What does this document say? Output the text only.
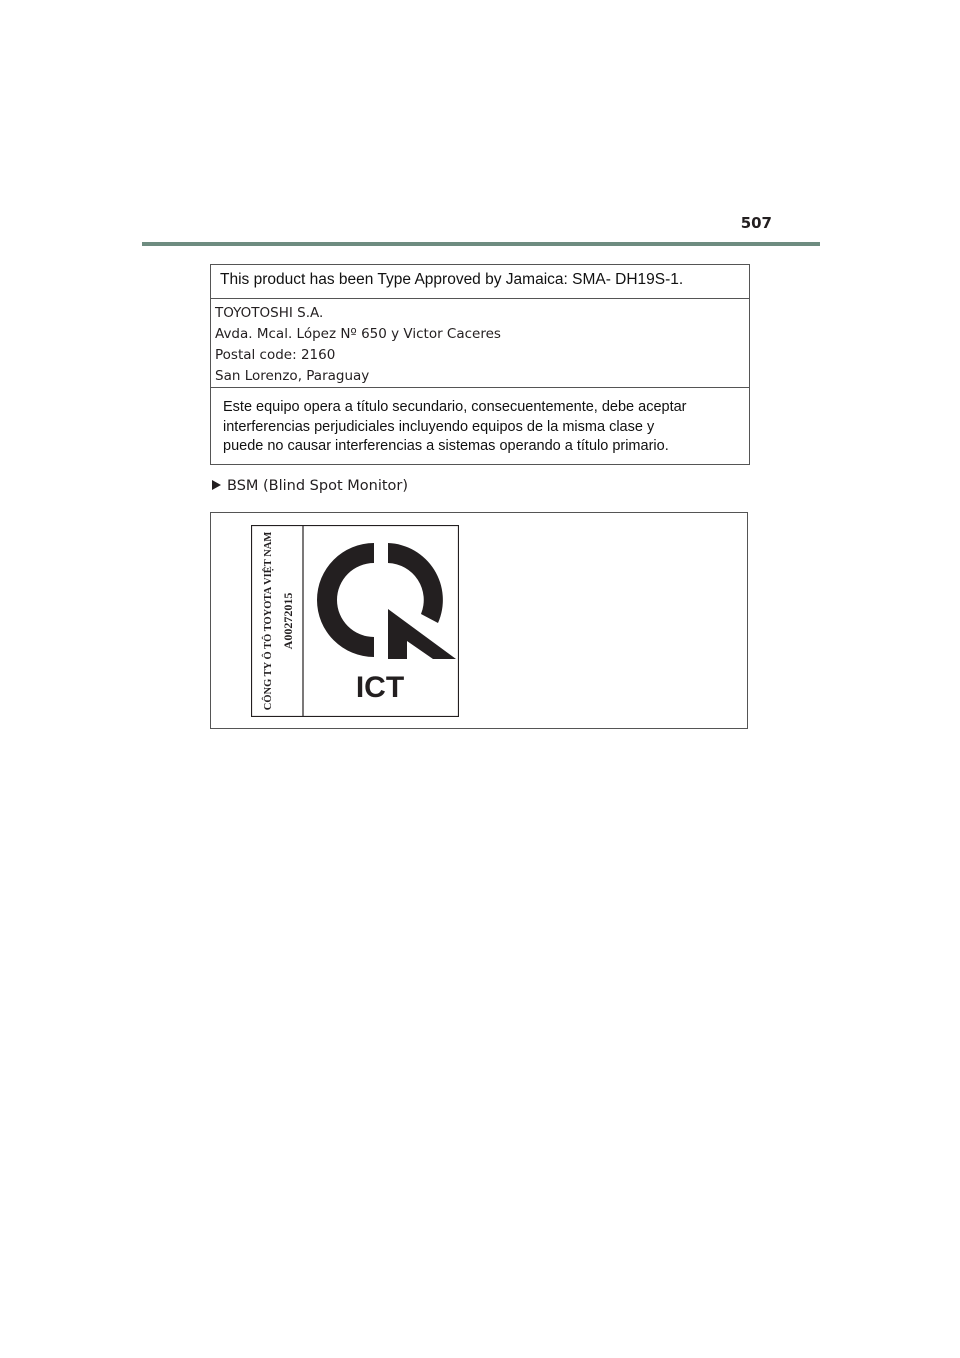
507
This product has been Type Approved by Jamaica: SMA- DH19S-1.
TOYOTOSHI S.A.
Avda. Mcal. López Nº 650 y Victor Caceres
Postal code: 2160
San Lorenzo, Paraguay
Este equipo opera a título secundario, consecuentemente, debe aceptar
interferencias perjudiciales incluyendo equipos de la misma clase y
puede no causar interferencias a sistemas operando a título primario.
BSM (Blind Spot Monitor)
CÔNG TY Ô TÔ TOYOTA VIỆT NAM A00272015
ICT
